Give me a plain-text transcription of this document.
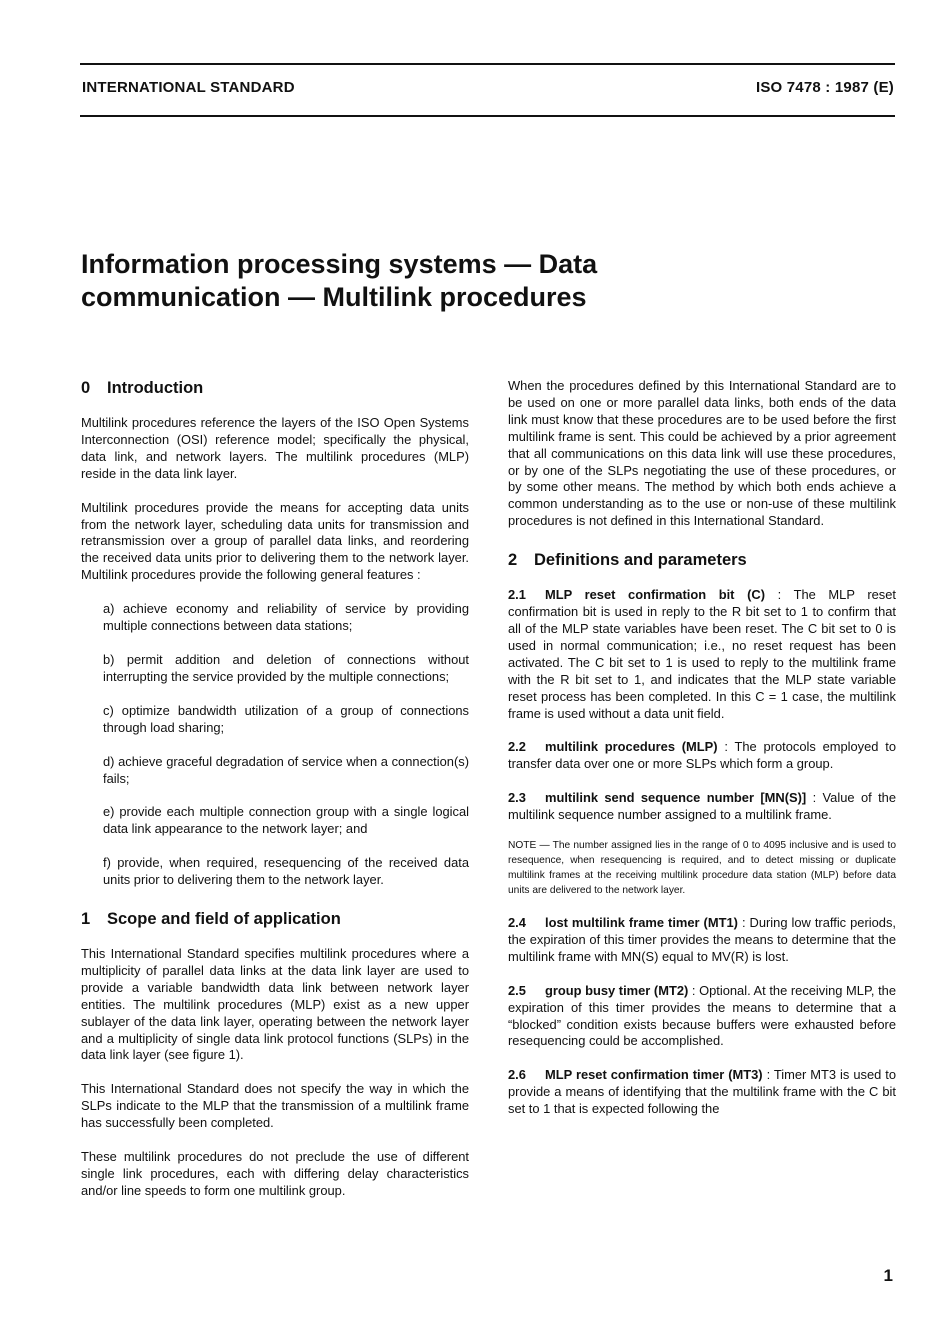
INTERNATIONAL STANDARD	ISO 7478 : 1987 (E)
Information processing systems — Data
communication — Multilink procedures
0 Introduction

Multilink procedures reference the layers of the ISO Open Systems Interconnection (OSI) reference model; specifically the physical, data link, and network layers. The multilink procedures (MLP) reside in the data link layer.

Multilink procedures provide the means for accepting data units from the network layer, scheduling data units for transmission and retransmission over a group of parallel data links, and reordering the received data units prior to delivering them to the network layer. Multilink procedures provide the following general features :

a) achieve economy and reliability of service by providing multiple connections between data stations;

b) permit addition and deletion of connections without interrupting the service provided by the multiple connections;

c) optimize bandwidth utilization of a group of connections through load sharing;

d) achieve graceful degradation of service when a connection(s) fails;

e) provide each multiple connection group with a single logical data link appearance to the network layer; and

f) provide, when required, resequencing of the received data units prior to delivering them to the network layer.

1 Scope and field of application

This International Standard specifies multilink procedures where a multiplicity of parallel data links at the data link layer are used to provide a variable bandwidth data link between network layer entities. The multilink procedures (MLP) exist as a new upper sublayer of the data link layer, operating between the network layer and a multiplicity of single data link protocol functions (SLPs) in the data link layer (see figure 1).

This International Standard does not specify the way in which the SLPs indicate to the MLP that the transmission of a multilink frame has successfully been completed.

These multilink procedures do not preclude the use of different single link procedures, each with differing delay characteristics and/or line speeds to form one multilink group.

When the procedures defined by this International Standard are to be used on one or more parallel data links, both ends of the data link must know that these procedures are to be used before the first multilink frame is sent. This could be achieved by a prior agreement that all communications on this data link will use these procedures, or by one of the SLPs negotiating the use of these procedures, or by some other means. The method by which both ends achieve a common understanding as to the use or non-use of these multilink procedures is not defined in this International Standard.

2 Definitions and parameters

2.1 MLP reset confirmation bit (C) : The MLP reset confirmation bit is used in reply to the R bit set to 1 to confirm that all of the MLP state variables have been reset. The C bit set to 0 is used in normal communication; i.e., no reset request has been activated. The C bit set to 1 is used to reply to the multilink frame with the R bit set to 1, and indicates that the MLP state variable reset process has been completed. In this C = 1 case, the multilink frame is used without a data unit field.

2.2 multilink procedures (MLP) : The protocols employed to transfer data over one or more SLPs which form a group.

2.3 multilink send sequence number [MN(S)] : Value of the multilink sequence number assigned to a multilink frame.

NOTE — The number assigned lies in the range of 0 to 4095 inclusive and is used to resequence, when resequencing is required, and to detect missing or duplicate multilink frames at the receiving multilink procedure data station (MLP) before data units are delivered to the network layer.

2.4 lost multilink frame timer (MT1) : During low traffic periods, the expiration of this timer provides the means to determine that the multilink frame with MN(S) equal to MV(R) is lost.

2.5 group busy timer (MT2) : Optional. At the receiving MLP, the expiration of this timer provides the means to determine that a “blocked” condition exists because buffers were exhausted before resequencing could be accomplished.

2.6 MLP reset confirmation timer (MT3) : Timer MT3 is used to provide a means of identifying that the multilink frame with the C bit set to 1 that is expected following the

1
